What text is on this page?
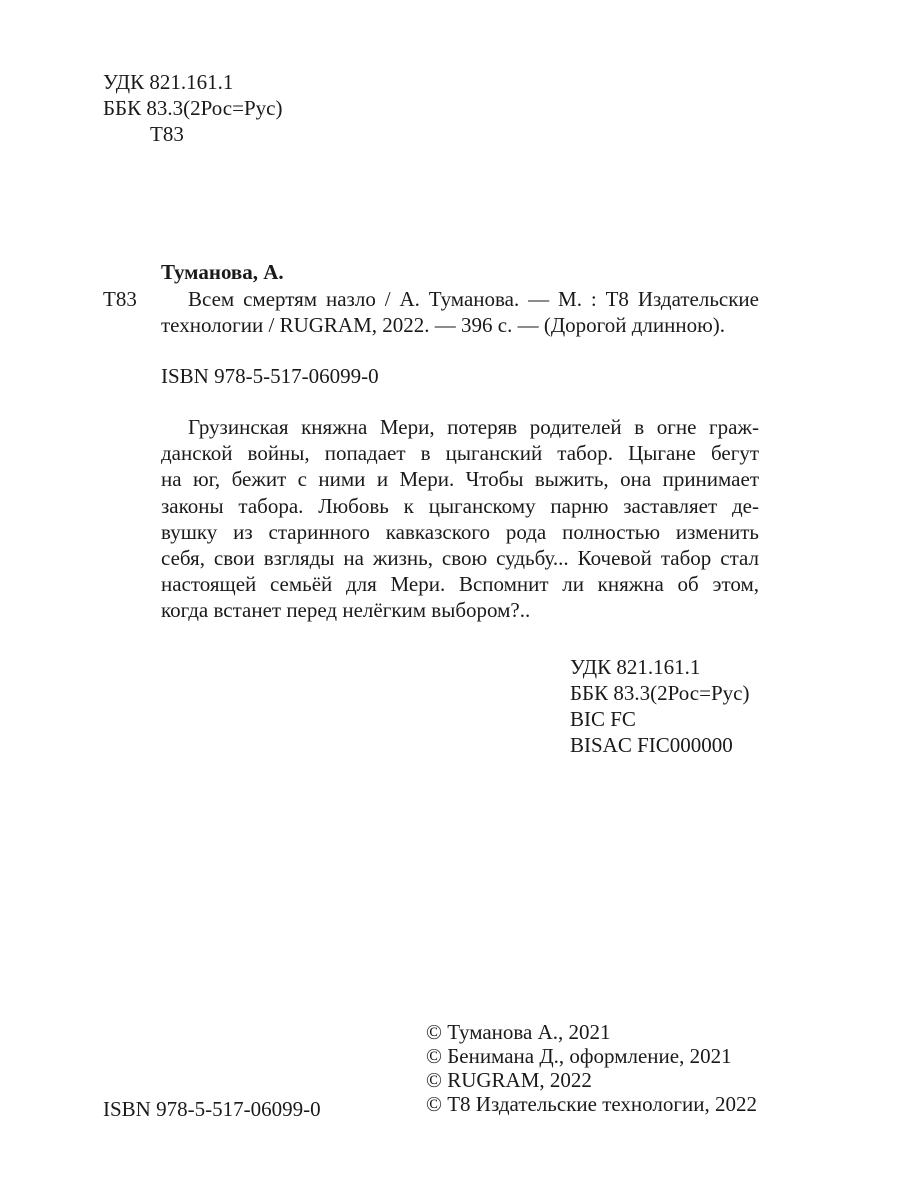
УДК 821.161.1
ББК 83.3(2Рос=Рус)
Т83
Туманова, А.
Т83	Всем смертям назло / А. Туманова. — М. : Т8 Издательские
технологии / RUGRAM, 2022. — 396 с. — (Дорогой длинною).
ISBN 978-5-517-06099-0
Грузинская княжна Мери, потеряв родителей в огне граж-
данской войны, попадает в цыганский табор. Цыгане бегут
на юг, бежит с ними и Мери. Чтобы выжить, она принимает
законы табора. Любовь к цыганскому парню заставляет де-
вушку из старинного кавказского рода полностью изменить
себя, свои взгляды на жизнь, свою судьбу... Кочевой табор стал
настоящей семьёй для Мери. Вспомнит ли княжна об этом,
когда встанет перед нелёгким выбором?..
УДК 821.161.1
ББК 83.3(2Рос=Рус)
BIC FC
BISAC FIC000000
© Туманова А., 2021
© Бенимана Д., оформление, 2021
© RUGRAM, 2022
© Т8 Издательские технологии, 2022
ISBN 978-5-517-06099-0
